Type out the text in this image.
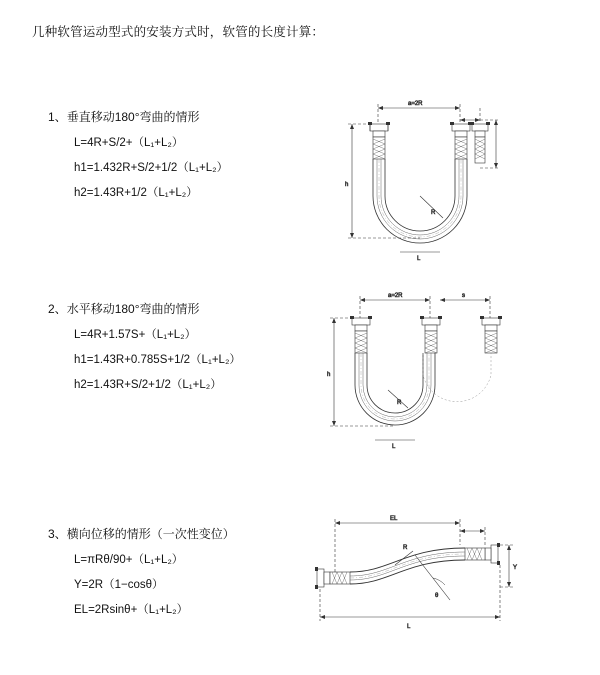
几种软管运动型式的安装方式时，软管的长度计算：
1、垂直移动180°弯曲的情形
L=4R+S/2+（L₁+L₂）
h1=1.432R+S/2+1/2（L₁+L₂）
h2=1.43R+1/2（L₁+L₂）
a=2R
R
L
h
2、水平移动180°弯曲的情形
L=4R+1.57S+（L₁+L₂）
h1=1.43R+0.785S+1/2（L₁+L₂）
h2=1.43R+S/2+1/2（L₁+L₂）
a=2R	s
R
L
h
3、横向位移的情形（一次性变位）
L=πRθ/90+（L₁+L₂）
Y=2R（1−cosθ）
EL=2Rsinθ+（L₁+L₂）
EL
R
θ
Y
L
